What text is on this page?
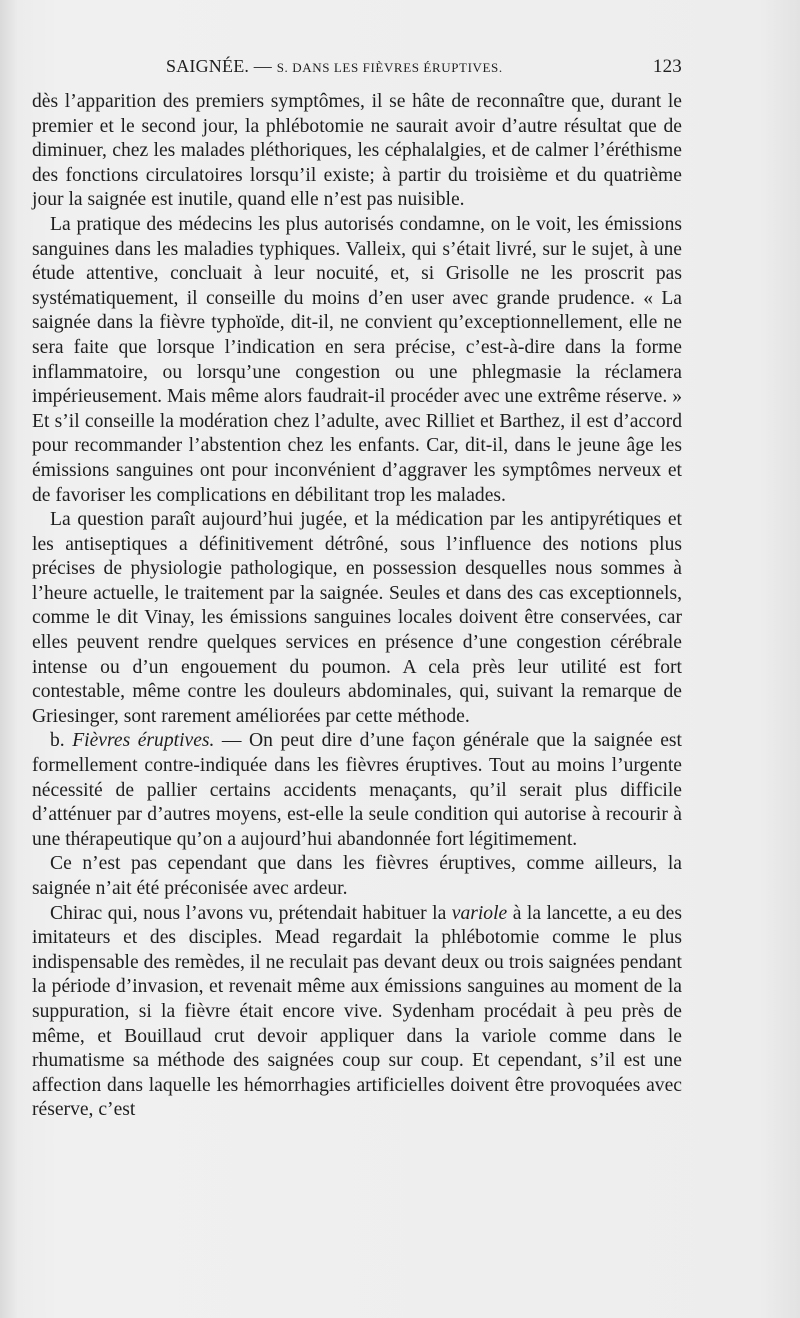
SAIGNÉE. — S. DANS LES FIÈVRES ÉRUPTIVES.	123

dès l’apparition des premiers symptômes, il se hâte de reconnaître que, durant le premier et le second jour, la phlébotomie ne saurait avoir d’autre résultat que de diminuer, chez les malades pléthoriques, les céphalalgies, et de calmer l’éréthisme des fonctions circulatoires lorsqu’il existe; à partir du troisième et du quatrième jour la saignée est inutile, quand elle n’est pas nuisible.

La pratique des médecins les plus autorisés condamne, on le voit, les émissions sanguines dans les maladies typhiques. Valleix, qui s’était livré, sur le sujet, à une étude attentive, concluait à leur nocuité, et, si Grisolle ne les proscrit pas systématiquement, il conseille du moins d’en user avec grande prudence. « La saignée dans la fièvre typhoïde, dit-il, ne convient qu’exceptionnellement, elle ne sera faite que lorsque l’indication en sera précise, c’est-à-dire dans la forme inflammatoire, ou lorsqu’une congestion ou une phlegmasie la réclamera impérieusement. Mais même alors faudrait-il procéder avec une extrême réserve. » Et s’il conseille la modération chez l’adulte, avec Rilliet et Barthez, il est d’accord pour recommander l’abstention chez les enfants. Car, dit-il, dans le jeune âge les émissions sanguines ont pour inconvénient d’aggraver les symptômes nerveux et de favoriser les complications en débilitant trop les malades.

La question paraît aujourd’hui jugée, et la médication par les antipyrétiques et les antiseptiques a définitivement détrôné, sous l’influence des notions plus précises de physiologie pathologique, en possession desquelles nous sommes à l’heure actuelle, le traitement par la saignée. Seules et dans des cas exceptionnels, comme le dit Vinay, les émissions sanguines locales doivent être conservées, car elles peuvent rendre quelques services en présence d’une congestion cérébrale intense ou d’un engouement du poumon. A cela près leur utilité est fort contestable, même contre les douleurs abdominales, qui, suivant la remarque de Griesinger, sont rarement améliorées par cette méthode.

b. Fièvres éruptives. — On peut dire d’une façon générale que la saignée est formellement contre-indiquée dans les fièvres éruptives. Tout au moins l’urgente nécessité de pallier certains accidents menaçants, qu’il serait plus difficile d’atténuer par d’autres moyens, est-elle la seule condition qui autorise à recourir à une thérapeutique qu’on a aujourd’hui abandonnée fort légitimement.

Ce n’est pas cependant que dans les fièvres éruptives, comme ailleurs, la saignée n’ait été préconisée avec ardeur.

Chirac qui, nous l’avons vu, prétendait habituer la variole à la lancette, a eu des imitateurs et des disciples. Mead regardait la phlébotomie comme le plus indispensable des remèdes, il ne reculait pas devant deux ou trois saignées pendant la période d’invasion, et revenait même aux émissions sanguines au moment de la suppuration, si la fièvre était encore vive. Sydenham procédait à peu près de même, et Bouillaud crut devoir appliquer dans la variole comme dans le rhumatisme sa méthode des saignées coup sur coup. Et cependant, s’il est une affection dans laquelle les hémorrhagies artificielles doivent être provoquées avec réserve, c’est
